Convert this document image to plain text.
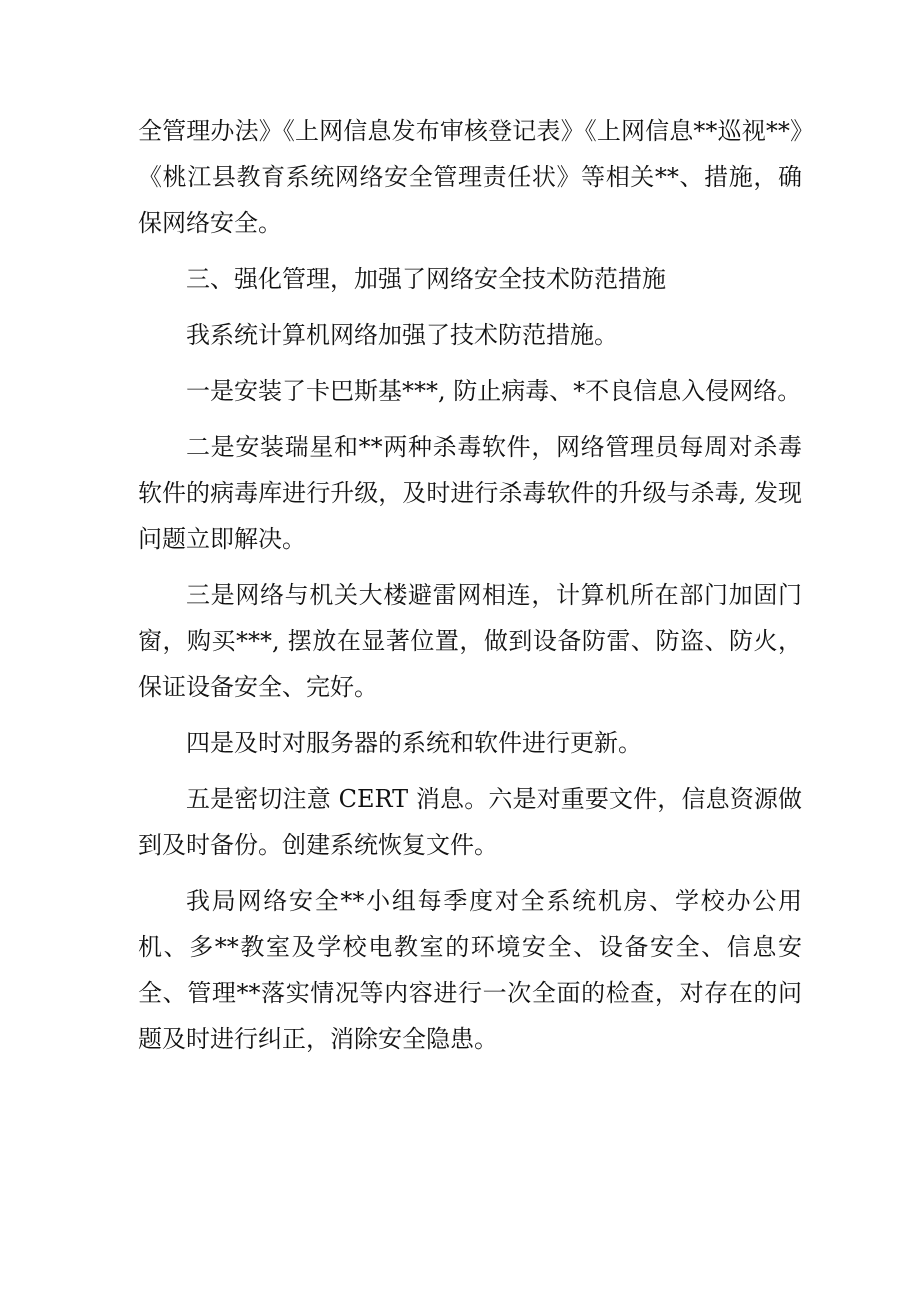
全管理办法》《上网信息发布审核登记表》《上网信息**巡视**》《桃江县教育系统网络安全管理责任状》等相关**、措施，确保网络安全。

三、强化管理，加强了网络安全技术防范措施

我系统计算机网络加强了技术防范措施。

一是安装了卡巴斯基***, 防止病毒、*不良信息入侵网络。

二是安装瑞星和**两种杀毒软件，网络管理员每周对杀毒软件的病毒库进行升级，及时进行杀毒软件的升级与杀毒, 发现问题立即解决。

三是网络与机关大楼避雷网相连，计算机所在部门加固门窗，购买***, 摆放在显著位置，做到设备防雷、防盗、防火，保证设备安全、完好。

四是及时对服务器的系统和软件进行更新。

五是密切注意 CERT 消息。六是对重要文件，信息资源做到及时备份。创建系统恢复文件。

我局网络安全**小组每季度对全系统机房、学校办公用机、多**教室及学校电教室的环境安全、设备安全、信息安全、管理**落实情况等内容进行一次全面的检查，对存在的问题及时进行纠正，消除安全隐患。
